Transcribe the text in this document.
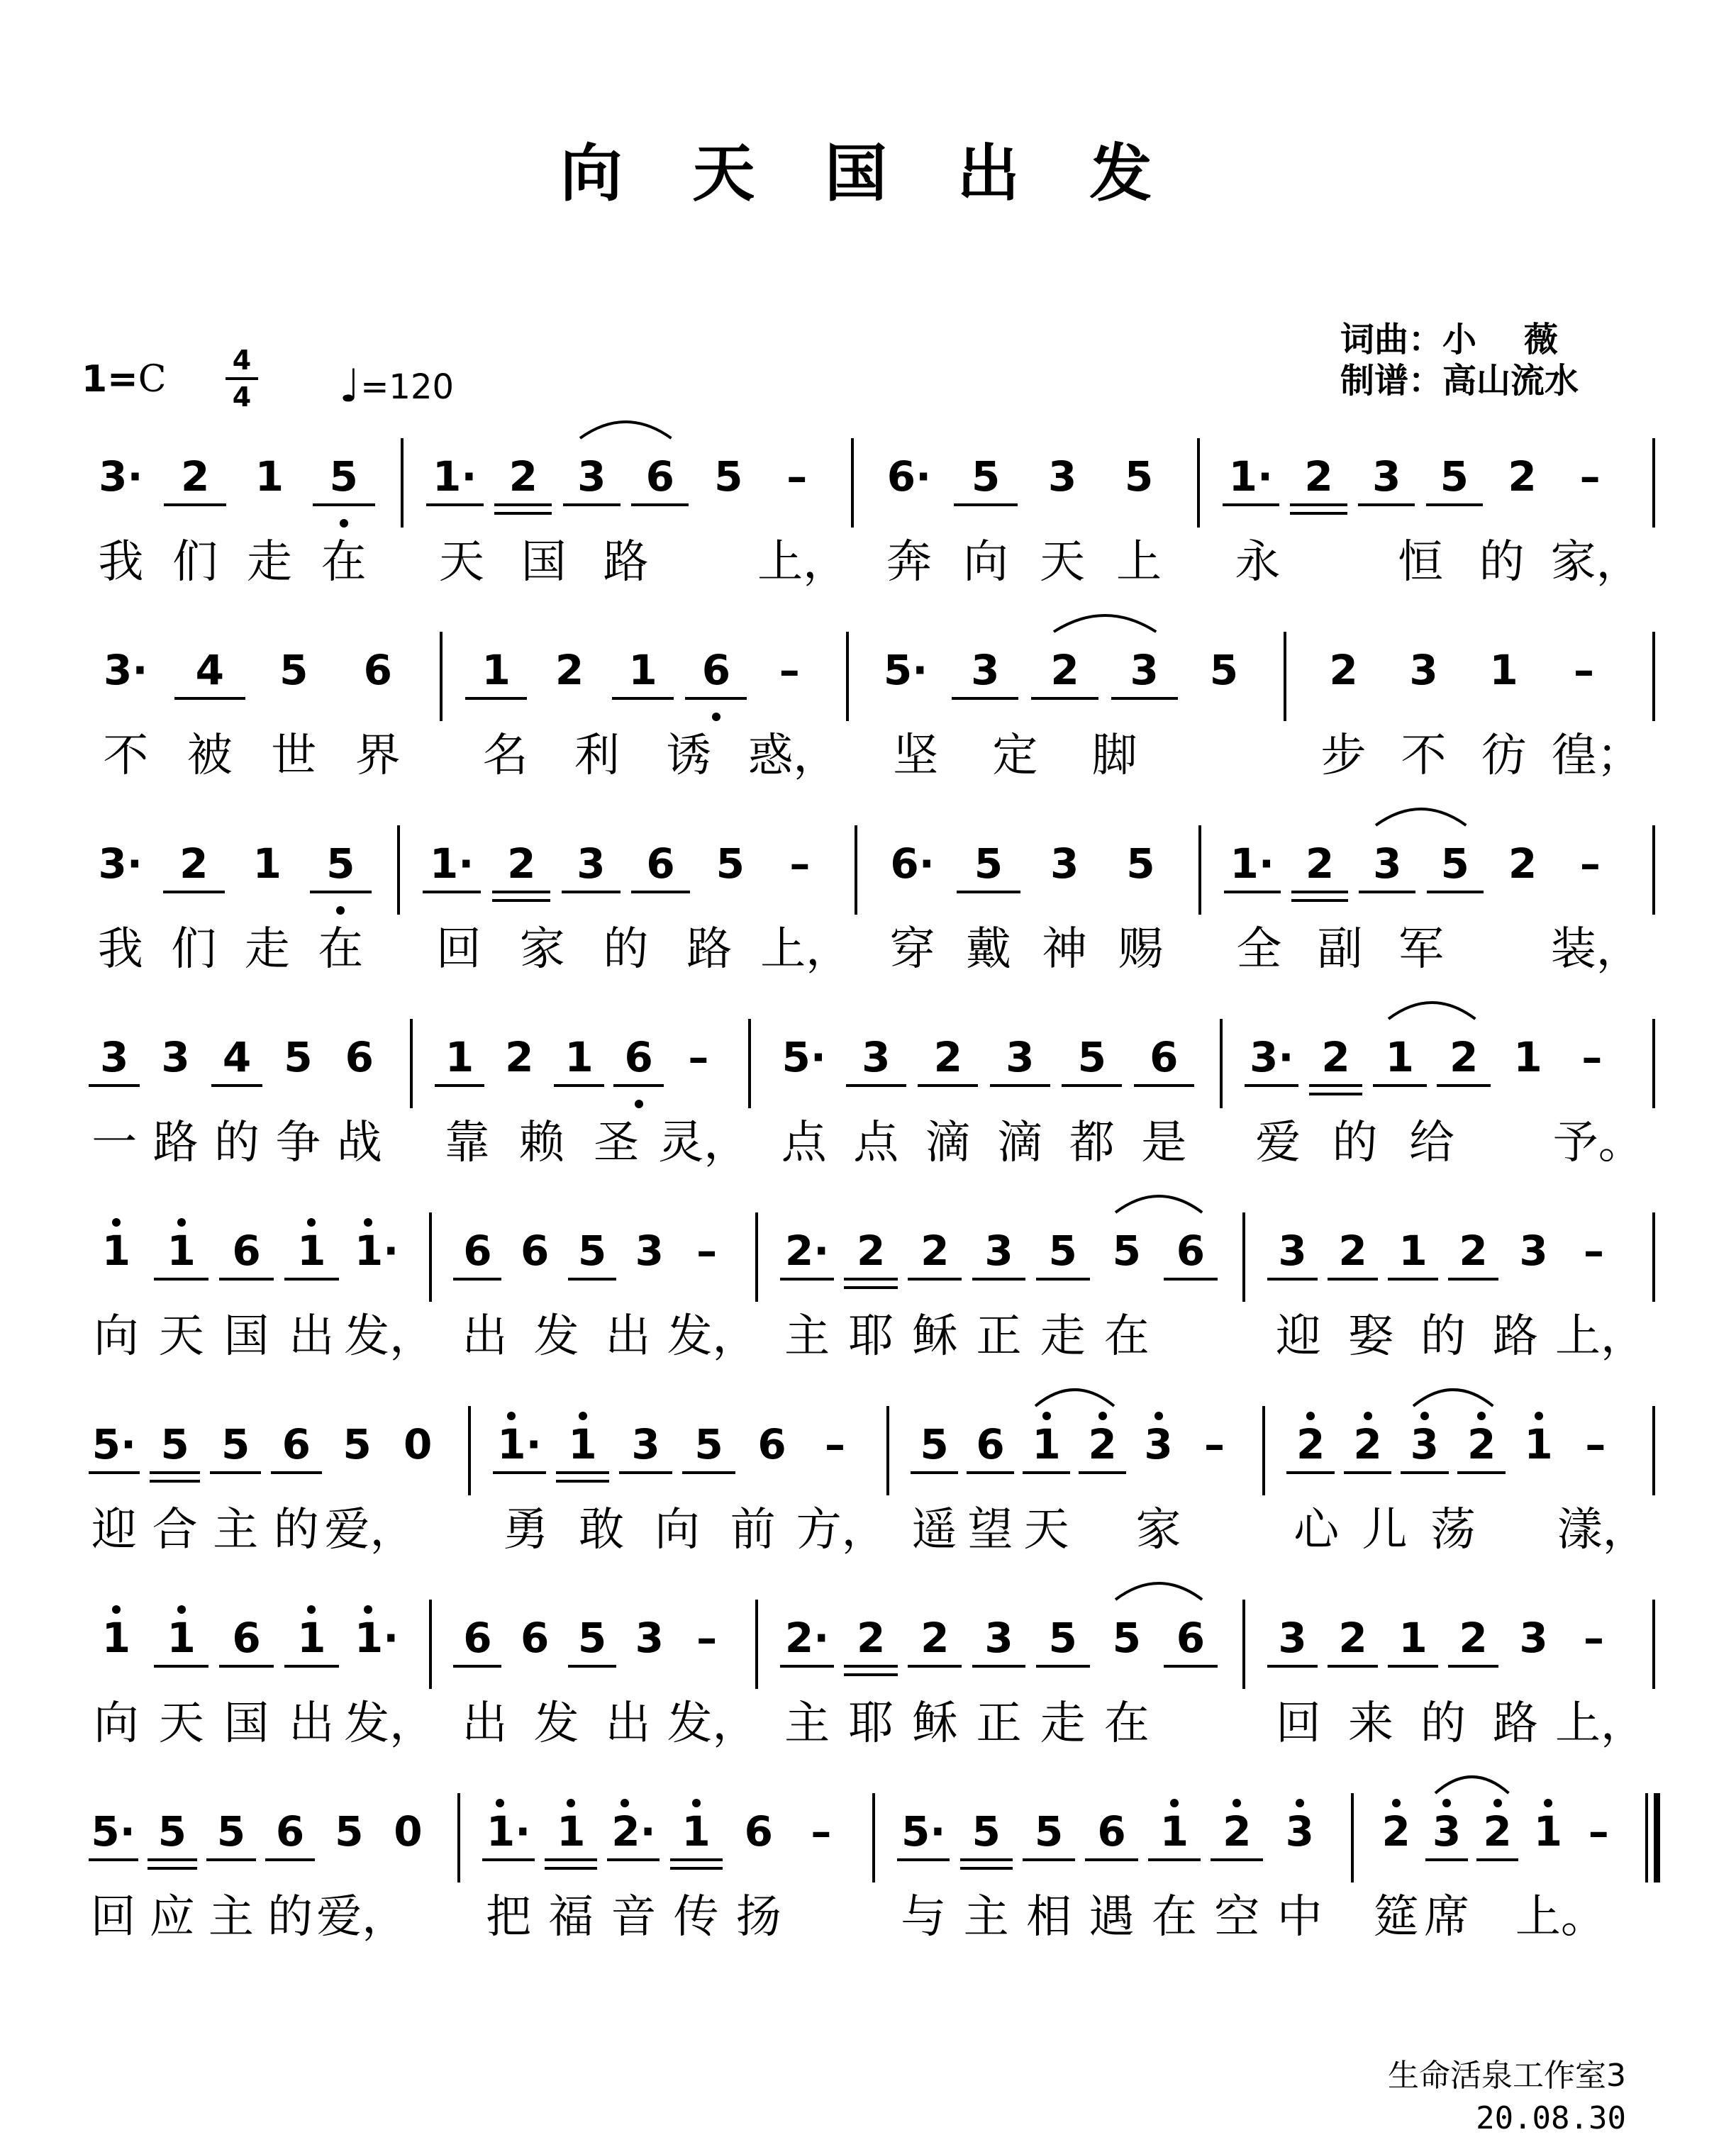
向 天 国 出 发
1=C 4
4 ♩=120
词曲：小    薇
制谱：高山流水
3· 2 1 5 1· 2 3 6 5 – 6· 5 3 5 1· 2 3 5 2 –
我 们 走 在 天 国 路 上， 奔 向 天 上 永	恒 的 家，
3· 4 5 6 1 2 1 6 – 5· 3 2 3 5 2 3 1 –
不 被 世 界 名 利 诱 惑， 坚 定 脚	步 不 彷 徨；
3· 2 1 5 1· 2 3 6 5 – 6· 5 3 5 1· 2 3 5 2 –
我 们 走 在 回 家 的 路 上， 穿 戴 神 赐 全 副 军 装，
3 3 4 5 6 1 2 1 6 – 5· 3 2 3 5 6 3· 2 1 2 1 –
一 路 的 争 战 靠 赖 圣 灵， 点 点 滴 滴 都 是 爱 的 给 予。
1 1 6 1 1· 6 6 5 3 – 2· 2 2 3 5 5 6 3 2 1 2 3 –
向 天 国 出 发， 出 发 出 发， 主 耶 稣 正 走 在	迎 娶 的 路 上，
5· 5 5 6 5 0 1· 1 3 5 6 – 5 6 1 2 3 – 2 2 3 2 1 –
迎 合 主 的 爱， 勇 敢 向 前 方， 遥 望 天 家 心 儿 荡 漾，
1 1 6 1 1· 6 6 5 3 – 2· 2 2 3 5 5 6 3 2 1 2 3 –
向 天 国 出 发， 出 发 出 发， 主 耶 稣 正 走 在	回 来 的 路 上，
5· 5 5 6 5 0 1· 1 2· 1 6 – 5· 5 5 6 1 2 3 2 3 2 1 –
回 应 主 的 爱， 把 福 音 传 扬	与 主 相 遇 在 空 中 筵 席 上。
生命活泉工作室3
20.08.30
